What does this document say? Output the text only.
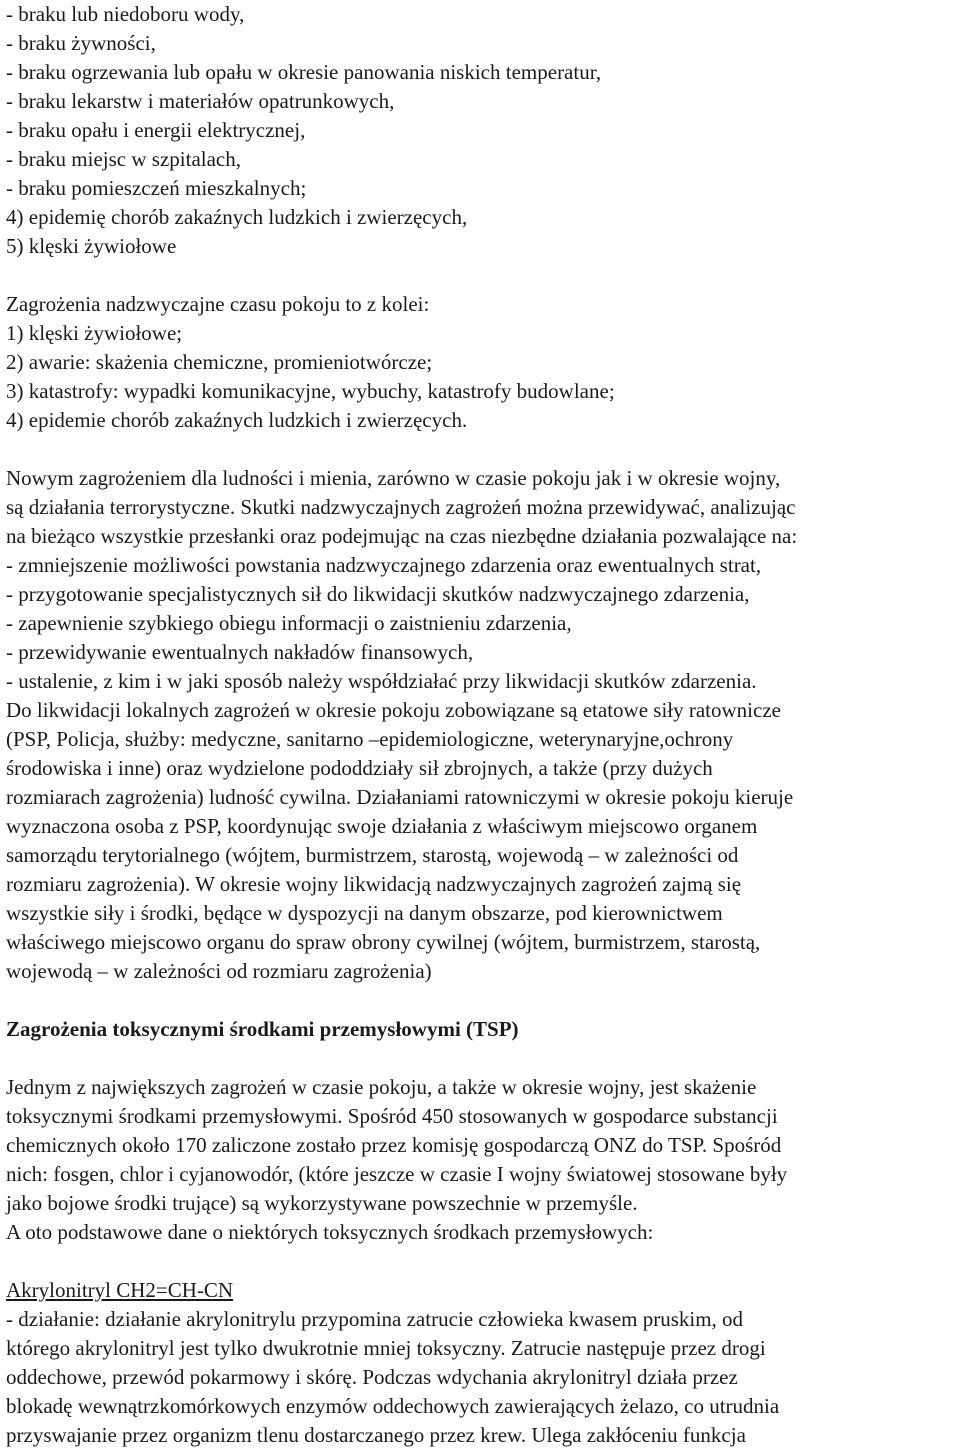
- braku lub niedoboru wody,
- braku żywności,
- braku ogrzewania lub opału w okresie panowania niskich temperatur,
- braku lekarstw i materiałów opatrunkowych,
- braku opału i energii elektrycznej,
- braku miejsc w szpitalach,
- braku pomieszczeń mieszkalnych;
4) epidemię chorób zakaźnych ludzkich i zwierzęcych,
5) klęski żywiołowe
Zagrożenia nadzwyczajne czasu pokoju to z kolei:
1) klęski żywiołowe;
2) awarie: skażenia chemiczne, promieniotwórcze;
3) katastrofy: wypadki komunikacyjne, wybuchy, katastrofy budowlane;
4) epidemie chorób zakaźnych ludzkich i zwierzęcych.
Nowym zagrożeniem dla ludności i mienia, zarówno w czasie pokoju jak i w okresie wojny,
są działania terrorystyczne. Skutki nadzwyczajnych zagrożeń można przewidywać, analizując
na bieżąco wszystkie przesłanki oraz podejmując na czas niezbędne działania pozwalające na:
- zmniejszenie możliwości powstania nadzwyczajnego zdarzenia oraz ewentualnych strat,
- przygotowanie specjalistycznych sił do likwidacji skutków nadzwyczajnego zdarzenia,
- zapewnienie szybkiego obiegu informacji o zaistnieniu zdarzenia,
- przewidywanie ewentualnych nakładów finansowych,
- ustalenie, z kim i w jaki sposób należy współdziałać przy likwidacji skutków zdarzenia.
Do likwidacji lokalnych zagrożeń w okresie pokoju zobowiązane są etatowe siły ratownicze
(PSP, Policja, służby: medyczne, sanitarno –epidemiologiczne, weterynaryjne,ochrony
środowiska i inne) oraz wydzielone pododdziały sił zbrojnych, a także (przy dużych
rozmiarach zagrożenia) ludność cywilna. Działaniami ratowniczymi w okresie pokoju kieruje
wyznaczona osoba z PSP, koordynując swoje działania z właściwym miejscowo organem
samorządu terytorialnego (wójtem, burmistrzem, starostą, wojewodą – w zależności od
rozmiaru zagrożenia). W okresie wojny likwidacją nadzwyczajnych zagrożeń zajmą się
wszystkie siły i środki, będące w dyspozycji na danym obszarze, pod kierownictwem
właściwego miejscowo organu do spraw obrony cywilnej (wójtem, burmistrzem, starostą,
wojewodą – w zależności od rozmiaru zagrożenia)
Zagrożenia toksycznymi środkami przemysłowymi (TSP)
Jednym z największych zagrożeń w czasie pokoju, a także w okresie wojny, jest skażenie
toksycznymi środkami przemysłowymi. Spośród 450 stosowanych w gospodarce substancji
chemicznych około 170 zaliczone zostało przez komisję gospodarczą ONZ do TSP. Spośród
nich: fosgen, chlor i cyjanowodór, (które jeszcze w czasie I wojny światowej stosowane były
jako bojowe środki trujące) są wykorzystywane powszechnie w przemyśle.
A oto podstawowe dane o niektórych toksycznych środkach przemysłowych:
Akrylonitryl CH2=CH-CN
- działanie: działanie akrylonitrylu przypomina zatrucie człowieka kwasem pruskim, od
którego akrylonitryl jest tylko dwukrotnie mniej toksyczny. Zatrucie następuje przez drogi
oddechowe, przewód pokarmowy i skórę. Podczas wdychania akrylonitryl działa przez
blokadę wewnątrzkomórkowych enzymów oddechowych zawierających żelazo, co utrudnia
przyswajanie przez organizm tlenu dostarczanego przez krew. Ulega zakłóceniu funkcja
